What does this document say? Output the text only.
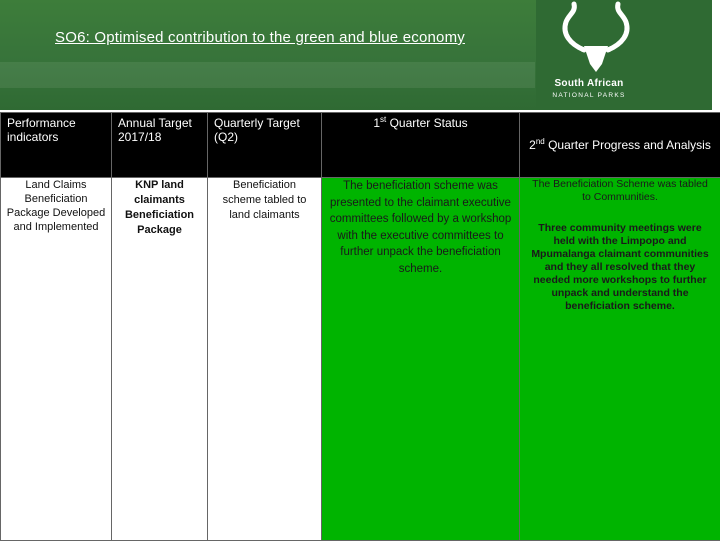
SO6: Optimised contribution to the green and blue economy
South African
NATIONAL PARKS
Performance indicators	Annual Target 2017/18	Quarterly Target (Q2)	1st Quarter Status	2nd Quarter Progress and Analysis

Land Claims Beneficiation Package Developed and Implemented	KNP land claimants Beneficiation Package	Beneficiation scheme tabled to land claimants	The beneficiation scheme was presented to the claimant executive committees followed by a workshop with the executive committees to further unpack the beneficiation scheme.	The Beneficiation Scheme was tabled to Communities.
Three community meetings were held with the Limpopo and Mpumalanga claimant communities and they all resolved that they needed more workshops to further unpack and understand the beneficiation scheme.
